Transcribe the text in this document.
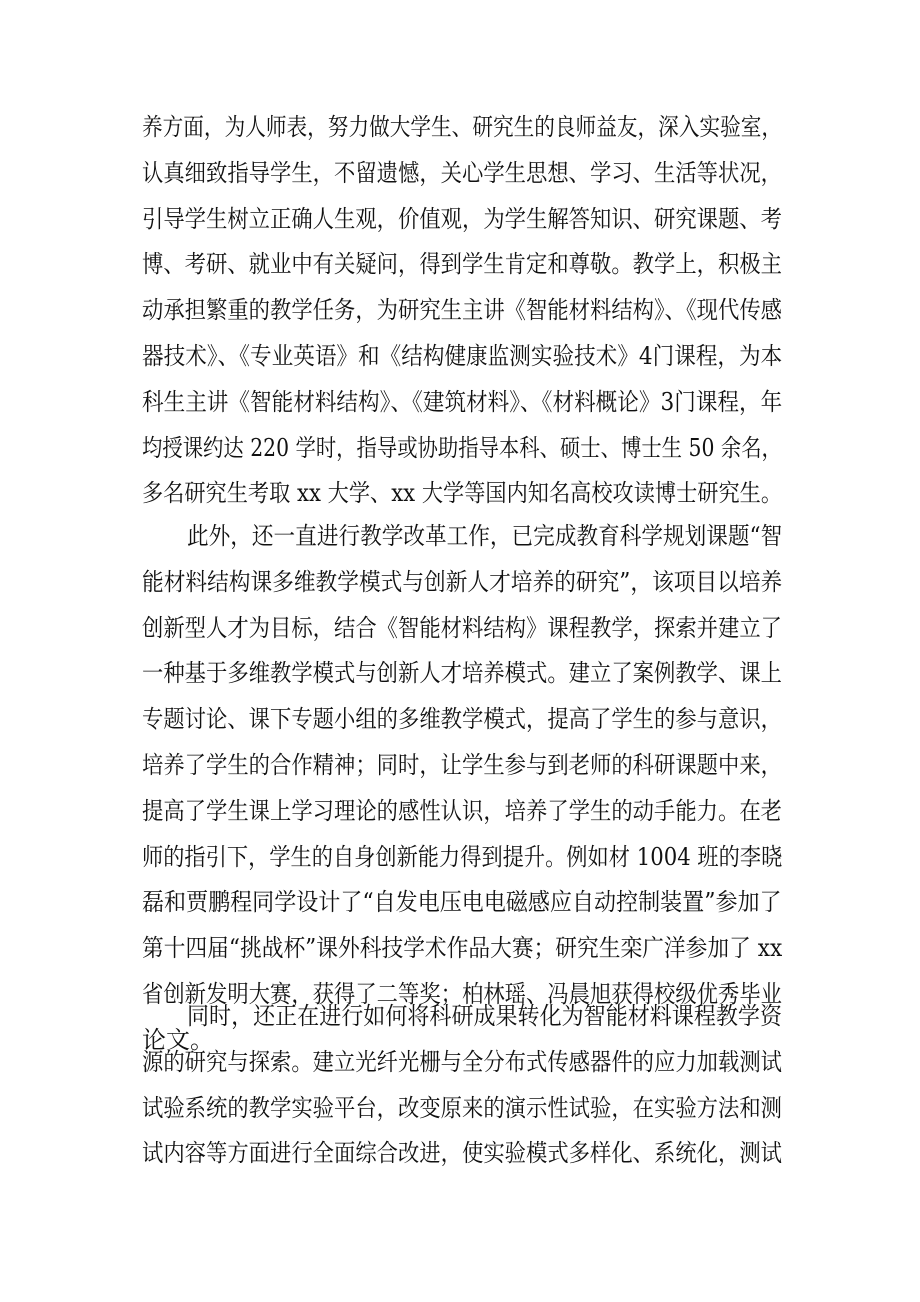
养方面，为人师表，努力做大学生、研究生的良师益友，深入实验室，
认真细致指导学生，不留遗憾，关心学生思想、学习、生活等状况，
引导学生树立正确人生观，价值观，为学生解答知识、研究课题、考
博、考研、就业中有关疑问，得到学生肯定和尊敬。教学上，积极主
动承担繁重的教学任务，为研究生主讲《智能材料结构》、《现代传感
器技术》、《专业英语》和《结构健康监测实验技术》4门课程，为本
科生主讲《智能材料结构》、《建筑材料》、《材料概论》3门课程，年
均授课约达 220 学时，指导或协助指导本科、硕士、博士生 50 余名，
多名研究生考取 xx 大学、xx 大学等国内知名高校攻读博士研究生。
此外，还一直进行教学改革工作，已完成教育科学规划课题“智
能材料结构课多维教学模式与创新人才培养的研究”，该项目以培养
创新型人才为目标，结合《智能材料结构》课程教学，探索并建立了
一种基于多维教学模式与创新人才培养模式。建立了案例教学、课上
专题讨论、课下专题小组的多维教学模式，提高了学生的参与意识，
培养了学生的合作精神；同时，让学生参与到老师的科研课题中来，
提高了学生课上学习理论的感性认识，培养了学生的动手能力。在老
师的指引下，学生的自身创新能力得到提升。例如材 1004 班的李晓
磊和贾鹏程同学设计了“自发电压电电磁感应自动控制装置”参加了
第十四届“挑战杯”课外科技学术作品大赛；研究生栾广洋参加了 xx
省创新发明大赛，获得了二等奖；柏林瑶、冯晨旭获得校级优秀毕业
论文。
同时，还正在进行如何将科研成果转化为智能材料课程教学资
源的研究与探索。建立光纤光栅与全分布式传感器件的应力加载测试
试验系统的教学实验平台，改变原来的演示性试验，在实验方法和测
试内容等方面进行全面综合改进，使实验模式多样化、系统化，测试
